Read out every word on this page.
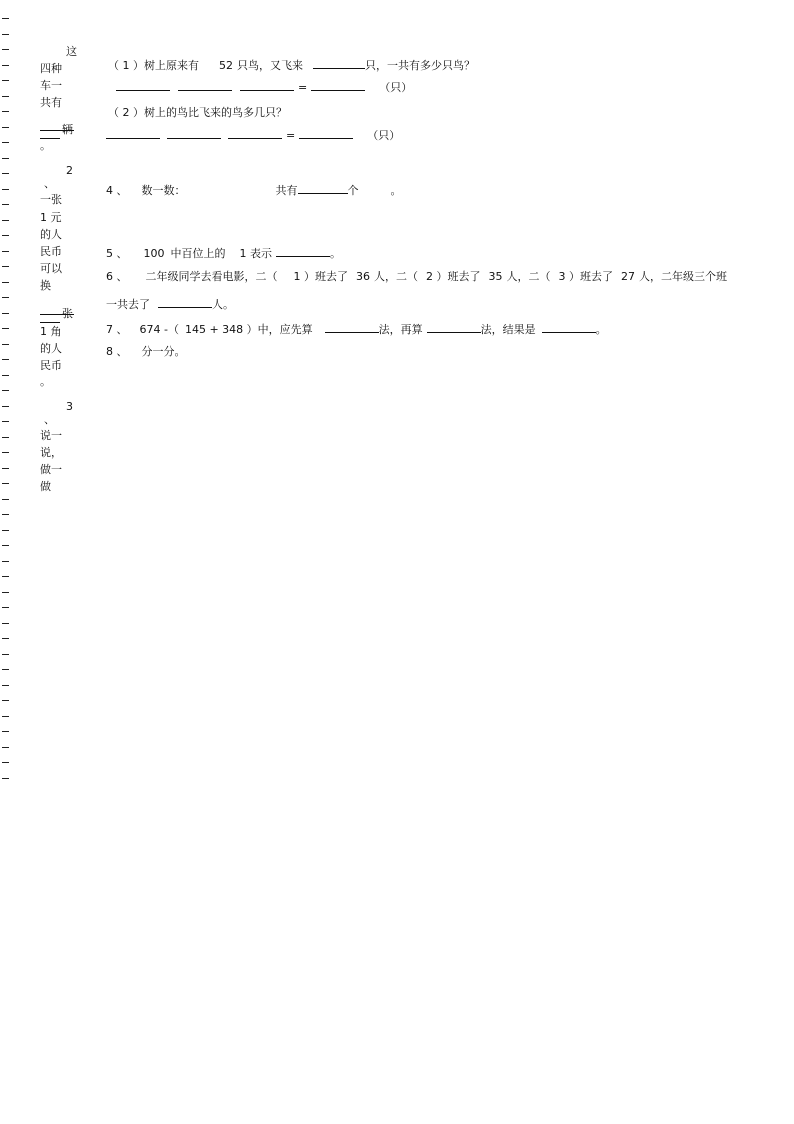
这
四种
车一
共有
辆
。
2
、
一张
1 元
的人
民币
可以
换
张
1 角
的人
民币
。
3
、
说一
说，
做一
做
（ 1 ）树上原来有 52 只鸟，又飞来	只，一共有多少只鸟？
=	（只）
（ 2 ）树上的鸟比飞来的鸟多几只？
=	（只）
4 、 数一数：	共有	个	。
5 、 100 中百位上的 1 表示	。
6 、 二年级同学去看电影，二（ 1 ）班去了 36 人，二（ 2 ）班去了 35 人，二（ 3 ）班去了 27 人，二年级三个班
一共去了	人。
7 、 674 -（ 145 + 348 ）中，应先算	法，再算	法，结果是	。
8 、 分一分。
